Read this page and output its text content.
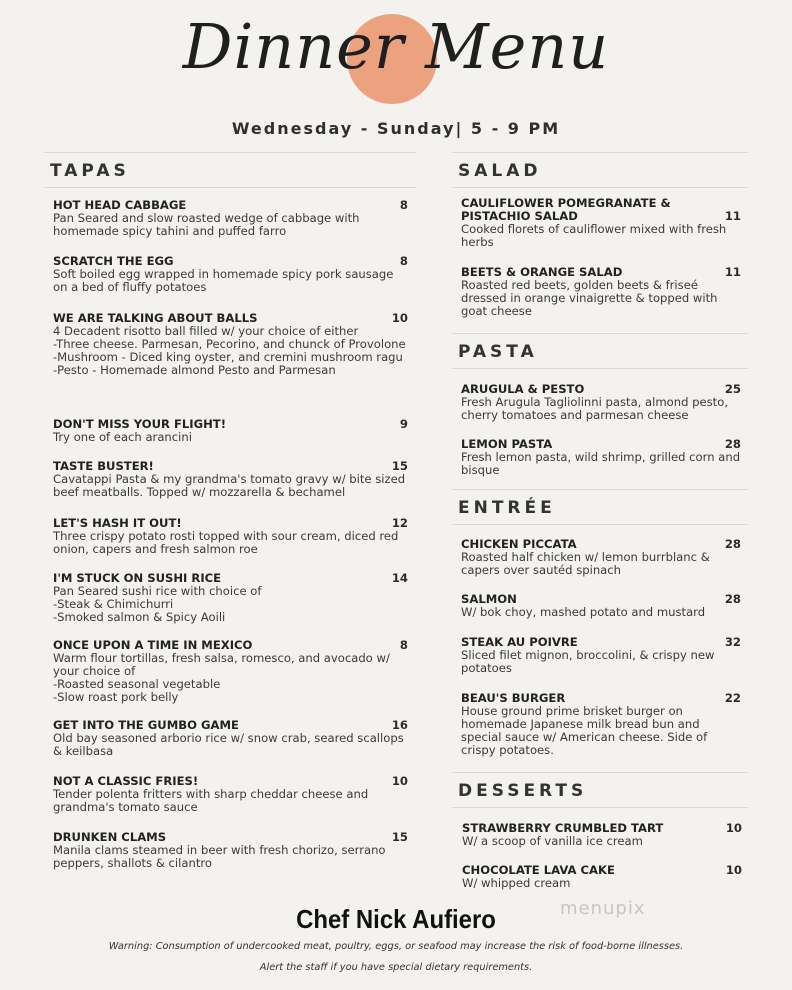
Dinner Menu
Wednesday - Sunday| 5 - 9 PM
TAPAS
HOT HEAD CABBAGE
Pan Seared and slow roasted wedge of cabbage with homemade spicy tahini and puffed farro
8
SCRATCH THE EGG
Soft boiled egg wrapped in homemade spicy pork sausage on a bed of fluffy potatoes
8
WE ARE TALKING ABOUT BALLS
4 Decadent risotto ball filled w/ your choice of either
-Three cheese. Parmesan, Pecorino, and chunck of Provolone
-Mushroom - Diced king oyster, and cremini mushroom ragu
-Pesto - Homemade almond Pesto and Parmesan
10
DON'T MISS YOUR FLIGHT!
Try one of each arancini
9
TASTE BUSTER!
Cavatappi Pasta & my grandma's tomato gravy w/ bite sized beef meatballs. Topped w/ mozzarella & bechamel
15
LET'S HASH IT OUT!
Three crispy potato rosti topped with sour cream, diced red onion, capers and fresh salmon roe
12
I'M STUCK ON SUSHI RICE
Pan Seared sushi rice with choice of
-Steak & Chimichurri
-Smoked salmon & Spicy Aoili
14
ONCE UPON A TIME IN MEXICO
Warm flour tortillas, fresh salsa, romesco, and avocado w/ your choice of
-Roasted seasonal vegetable
-Slow roast pork belly
8
GET INTO THE GUMBO GAME
Old bay seasoned arborio rice w/ snow crab, seared scallops & keilbasa
16
NOT A CLASSIC FRIES!
Tender polenta fritters with sharp cheddar cheese and grandma's tomato sauce
10
DRUNKEN CLAMS
Manila clams steamed in beer with fresh chorizo, serrano peppers, shallots & cilantro
15
SALAD
CAULIFLOWER POMEGRANATE & PISTACHIO SALAD
Cooked florets of cauliflower mixed with fresh herbs
11
BEETS & ORANGE SALAD
Roasted red beets, golden beets & friseé dressed in orange vinaigrette & topped with goat cheese
11
PASTA
ARUGULA & PESTO
Fresh Arugula Tagliolinni pasta, almond pesto, cherry tomatoes and parmesan cheese
25
LEMON PASTA
Fresh lemon pasta, wild shrimp, grilled corn and bisque
28
ENTRÉE
CHICKEN PICCATA
Roasted half chicken w/ lemon burrblanc & capers over sautéd spinach
28
SALMON
W/ bok choy, mashed potato and mustard
28
STEAK AU POIVRE
Sliced filet mignon, broccolini, & crispy new potatoes
32
BEAU'S BURGER
House ground prime brisket burger on homemade Japanese milk bread bun and special sauce w/ American cheese. Side of crispy potatoes.
22
DESSERTS
STRAWBERRY CRUMBLED TART
W/ a scoop of vanilla ice cream
10
CHOCOLATE LAVA CAKE
W/ whipped cream
10
menupix
Chef Nick Aufiero
Warning: Consumption of undercooked meat, poultry, eggs, or seafood may increase the risk of food-borne illnesses.
Alert the staff if you have special dietary requirements.
